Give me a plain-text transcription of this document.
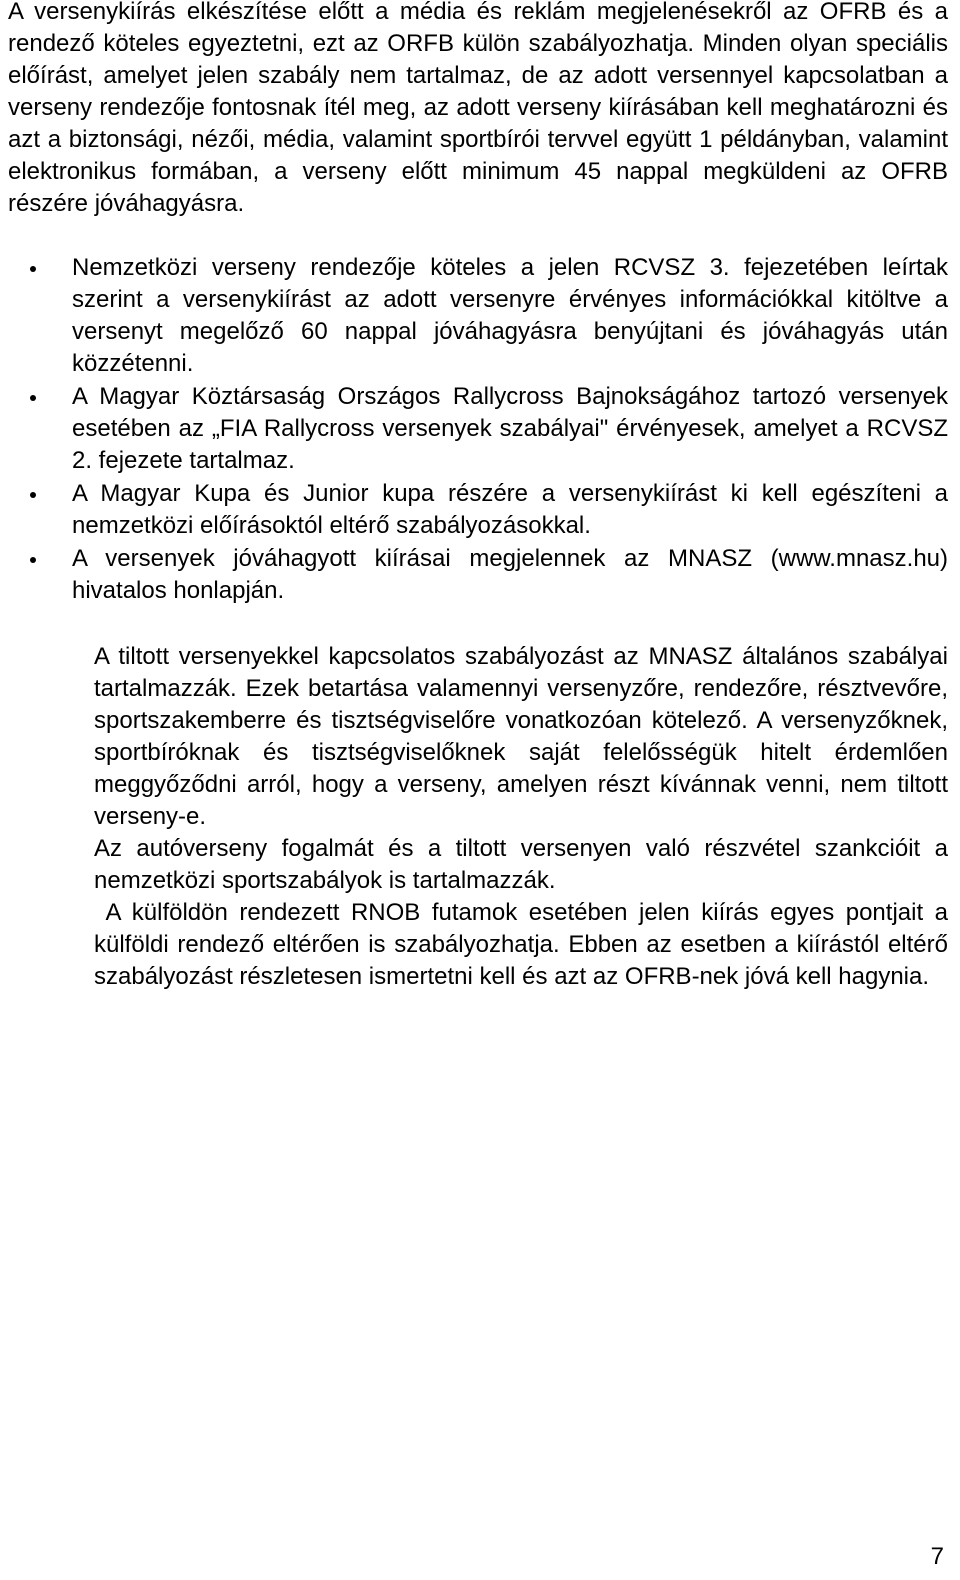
A versenykiírás elkészítése előtt a média és reklám megjelenésekről az OFRB és a rendező köteles egyeztetni, ezt az ORFB külön szabályozhatja. Minden olyan speciális előírást, amelyet jelen szabály nem tartalmaz, de az adott versennyel kapcsolatban a verseny rendezője fontosnak ítél meg, az adott verseny kiírásában kell meghatározni és azt a biztonsági, nézői, média, valamint sportbírói tervvel együtt 1 példányban, valamint elektronikus formában, a verseny előtt minimum 45 nappal megküldeni az OFRB részére jóváhagyásra.

Nemzetközi verseny rendezője köteles a jelen RCVSZ 3. fejezetében leírtak szerint a versenykiírást az adott versenyre érvényes információkkal kitöltve a versenyt megelőző 60 nappal jóváhagyásra benyújtani és jóváhagyás után közzétenni.
A Magyar Köztársaság Országos Rallycross Bajnokságához tartozó versenyek esetében az „FIA Rallycross versenyek szabályai" érvényesek, amelyet a RCVSZ 2. fejezete tartalmaz.
A Magyar Kupa és Junior kupa részére a versenykiírást ki kell egészíteni a nemzetközi előírásoktól eltérő szabályozásokkal.
A versenyek jóváhagyott kiírásai megjelennek az MNASZ (www.mnasz.hu) hivatalos honlapján.

A tiltott versenyekkel kapcsolatos szabályozást az MNASZ általános szabályai tartalmazzák. Ezek betartása valamennyi versenyzőre, rendezőre, résztvevőre, sportszakemberre és tisztségviselőre vonatkozóan kötelező. A versenyzőknek, sportbíróknak és tisztségviselőknek saját felelősségük hitelt érdemlően meggyőződni arról, hogy a verseny, amelyen részt kívánnak venni, nem tiltott verseny-e.

Az autóverseny fogalmát és a tiltott versenyen való részvétel szankcióit a nemzetközi sportszabályok is tartalmazzák.

A külföldön rendezett RNOB futamok esetében jelen kiírás egyes pontjait a külföldi rendező eltérően is szabályozhatja. Ebben az esetben a kiírástól eltérő szabályozást részletesen ismertetni kell és azt az OFRB-nek jóvá kell hagynia.

7
